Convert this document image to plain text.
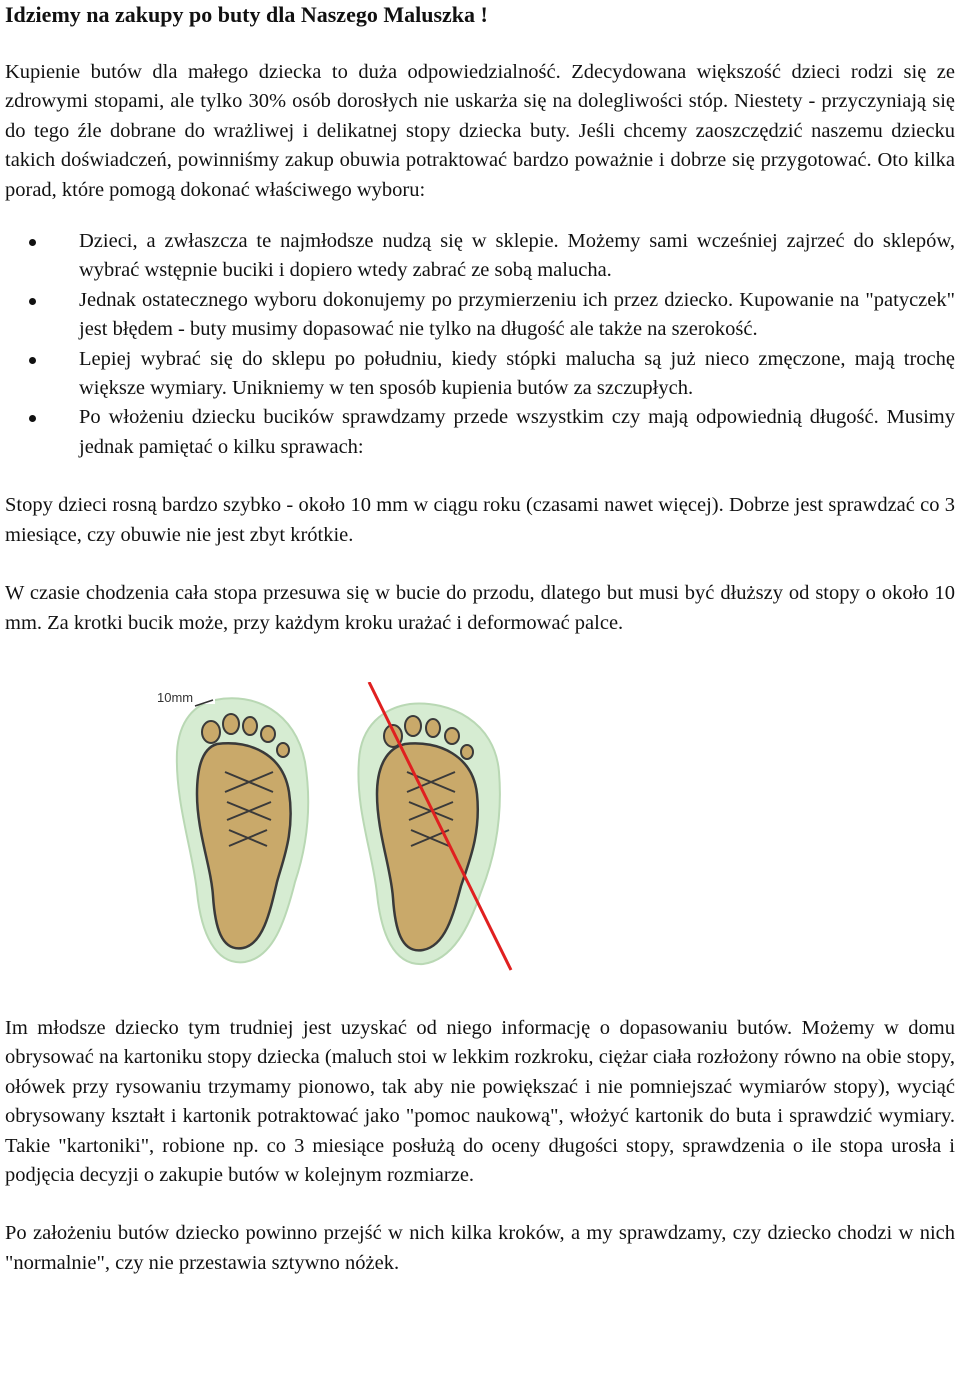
Idziemy na zakupy po buty dla Naszego Maluszka !

Kupienie butów dla małego dziecka to duża odpowiedzialność. Zdecydowana większość dzieci rodzi się ze zdrowymi stopami, ale tylko 30% osób dorosłych nie uskarża się na dolegliwości stóp. Niestety - przyczyniają się do tego źle dobrane do wrażliwej i delikatnej stopy dziecka buty. Jeśli chcemy zaoszczędzić naszemu dziecku takich doświadczeń, powinniśmy zakup obuwia potraktować bardzo poważnie i dobrze się przygotować. Oto kilka porad, które pomogą dokonać właściwego wyboru:

Dzieci, a zwłaszcza te najmłodsze nudzą się w sklepie. Możemy sami wcześniej zajrzeć do sklepów, wybrać wstępnie buciki i dopiero wtedy zabrać ze sobą malucha.
Jednak ostatecznego wyboru dokonujemy po przymierzeniu ich przez dziecko. Kupowanie na "patyczek" jest błędem - buty musimy dopasować nie tylko na długość ale także na szerokość.
Lepiej wybrać się do sklepu po południu, kiedy stópki malucha są już nieco zmęczone, mają trochę większe wymiary. Unikniemy w ten sposób kupienia butów za szczupłych.
Po włożeniu dziecku bucików sprawdzamy przede wszystkim czy mają odpowiednią długość. Musimy jednak pamiętać o kilku sprawach:

Stopy dzieci rosną bardzo szybko - około 10 mm w ciągu roku (czasami nawet więcej). Dobrze jest sprawdzać co 3 miesiące, czy obuwie nie jest zbyt krótkie.

W czasie chodzenia cała stopa przesuwa się w bucie do przodu, dlatego but musi być dłuższy od stopy o około 10 mm. Za krotki bucik może, przy każdym kroku urażać i deformować palce.

10mm

Im młodsze dziecko tym trudniej jest uzyskać od niego informację o dopasowaniu butów. Możemy w domu obrysować na kartoniku stopy dziecka (maluch stoi w lekkim rozkroku, ciężar ciała rozłożony równo na obie stopy, ołówek przy rysowaniu trzymamy pionowo, tak aby nie powiększać i nie pomniejszać wymiarów stopy), wyciąć obrysowany kształt i kartonik potraktować jako "pomoc naukową", włożyć kartonik do buta i sprawdzić wymiary. Takie "kartoniki", robione np. co 3 miesiące posłużą do oceny długości stopy, sprawdzenia o ile stopa urosła i podjęcia decyzji o zakupie butów w kolejnym rozmiarze.

Po założeniu butów dziecko powinno przejść w nich kilka kroków, a my sprawdzamy, czy dziecko chodzi w nich "normalnie", czy nie przestawia sztywno nóżek.
